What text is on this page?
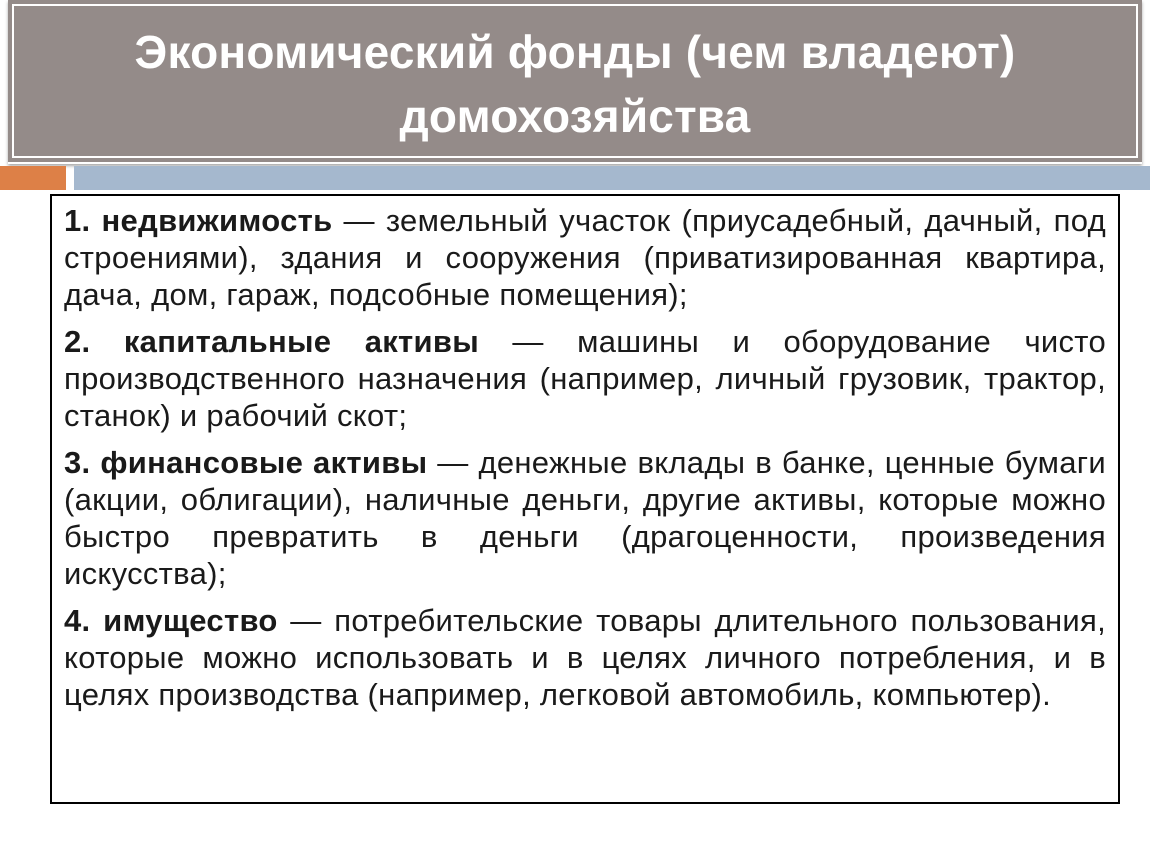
Экономический фонды (чем владеют)
домохозяйства

1. недвижимость — земельный участок (приусадебный, дачный, под строениями), здания и сооружения (приватизированная квартира, дача, дом, гараж, подсобные помещения);

2. капитальные активы — машины и оборудование чисто производственного назначения (например, личный грузовик, трактор, станок) и рабочий скот;

3. финансовые активы — денежные вклады в банке, ценные бумаги (акции, облигации), наличные деньги, другие активы, которые можно быстро превратить в деньги (драгоценности, произведения искусства);

4. имущество — потребительские товары длительного пользования, которые можно использовать и в целях личного потребления, и в целях производства (например, легковой автомобиль, компьютер).
